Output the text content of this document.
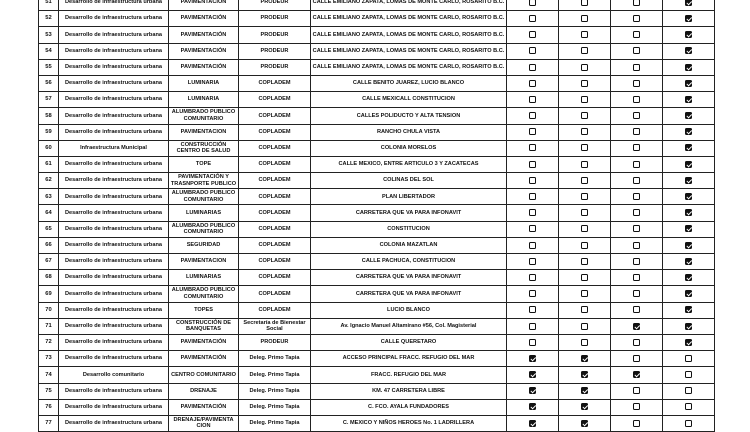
51	Desarrollo de infraestructura urbana	PAVIMENTACIÓN	PRODEUR	CALLE EMILIANO ZAPATA, LOMAS DE MONTE CARLO, ROSARITO B.C.				
52	Desarrollo de infraestructura urbana	PAVIMENTACIÓN	PRODEUR	CALLE EMILIANO ZAPATA, LOMAS DE MONTE CARLO, ROSARITO B.C.				
53	Desarrollo de infraestructura urbana	PAVIMENTACIÓN	PRODEUR	CALLE EMILIANO ZAPATA, LOMAS DE MONTE CARLO, ROSARITO B.C.				
54	Desarrollo de infraestructura urbana	PAVIMENTACIÓN	PRODEUR	CALLE EMILIANO ZAPATA, LOMAS DE MONTE CARLO, ROSARITO B.C.				
55	Desarrollo de infraestructura urbana	PAVIMENTACIÓN	PRODEUR	CALLE EMILIANO ZAPATA, LOMAS DE MONTE CARLO, ROSARITO B.C.				
56	Desarrollo de infraestructura urbana	LUMINARIA	COPLADEM	CALLE BENITO JUAREZ, LUCIO BLANCO				
57	Desarrollo de infraestructura urbana	LUMINARIA	COPLADEM	CALLE MEXICALL CONSTITUCION				
58	Desarrollo de infraestructura urbana	ALUMBRADO PUBLICO COMUNITARIO	COPLADEM	CALLES POLIDUCTO Y ALTA TENSION				
59	Desarrollo de infraestructura urbana	PAVIMENTACION	COPLADEM	RANCHO CHULA VISTA				
60	Infraestructura Municipal	CONSTRUCCIÓN CENTRO DE SALUD	COPLADEM	COLONIA MORELOS				
61	Desarrollo de infraestructura urbana	TOPE	COPLADEM	CALLE MEXICO, ENTRE ARTICULO 3 Y ZACATECAS				
62	Desarrollo de infraestructura urbana	PAVIMENTACIÓN Y TRASNPORTE PUBLICO	COPLADEM	COLINAS DEL SOL				
63	Desarrollo de infraestructura urbana	ALUMBRADO PUBLICO COMUNITARIO	COPLADEM	PLAN LIBERTADOR				
64	Desarrollo de infraestructura urbana	LUMINARIAS	COPLADEM	CARRETERA QUE VA PARA INFONAVIT				
65	Desarrollo de infraestructura urbana	ALUMBRADO PUBLICO COMUNITARIO	COPLADEM	CONSTITUCION				
66	Desarrollo de infraestructura urbana	SEGURIDAD	COPLADEM	COLONIA MAZATLAN				
67	Desarrollo de infraestructura urbana	PAVIMENTACION	COPLADEM	CALLE PACHUCA, CONSTITUCION				
68	Desarrollo de infraestructura urbana	LUMINARIAS	COPLADEM	CARRETERA QUE VA PARA INFONAVIT				
69	Desarrollo de infraestructura urbana	ALUMBRADO PUBLICO COMUNITARIO	COPLADEM	CARRETERA QUE VA PARA INFONAVIT				
70	Desarrollo de infraestructura urbana	TOPES	COPLADEM	LUCIO BLANCO				
71	Desarrollo de infraestructura urbana	CONSTRUCCIÓN DE BANQUETAS	Secretaría de Bienestar Social	Av. Ignacio Manuel Altamirano #56, Col. Magisterial				
72	Desarrollo de infraestructura urbana	PAVIMENTACIÓN	PRODEUR	CALLE QUERETARO				
73	Desarrollo de infraestructura urbana	PAVIMENTACIÓN	Deleg. Primo Tapia	ACCESO PRINCIPAL FRACC. REFUGIO DEL MAR				
74	Desarrollo comunitario	CENTRO COMUNITARIO	Deleg. Primo Tapia	FRACC. REFUGIO DEL MAR				
75	Desarrollo de infraestructura urbana	DRENAJE	Deleg. Primo Tapia	KM. 47 CARRETERA LIBRE				
76	Desarrollo de infraestructura urbana	PAVIMENTACIÓN	Deleg. Primo Tapia	C. FCO. AYALA FUNDADORES				
77	Desarrollo de infraestructura urbana	DRENAJE/PAVIMENTA CION	Deleg. Primo Tapia	C. MEXICO Y NIÑOS HEROES No. 1 LADRILLERA				
